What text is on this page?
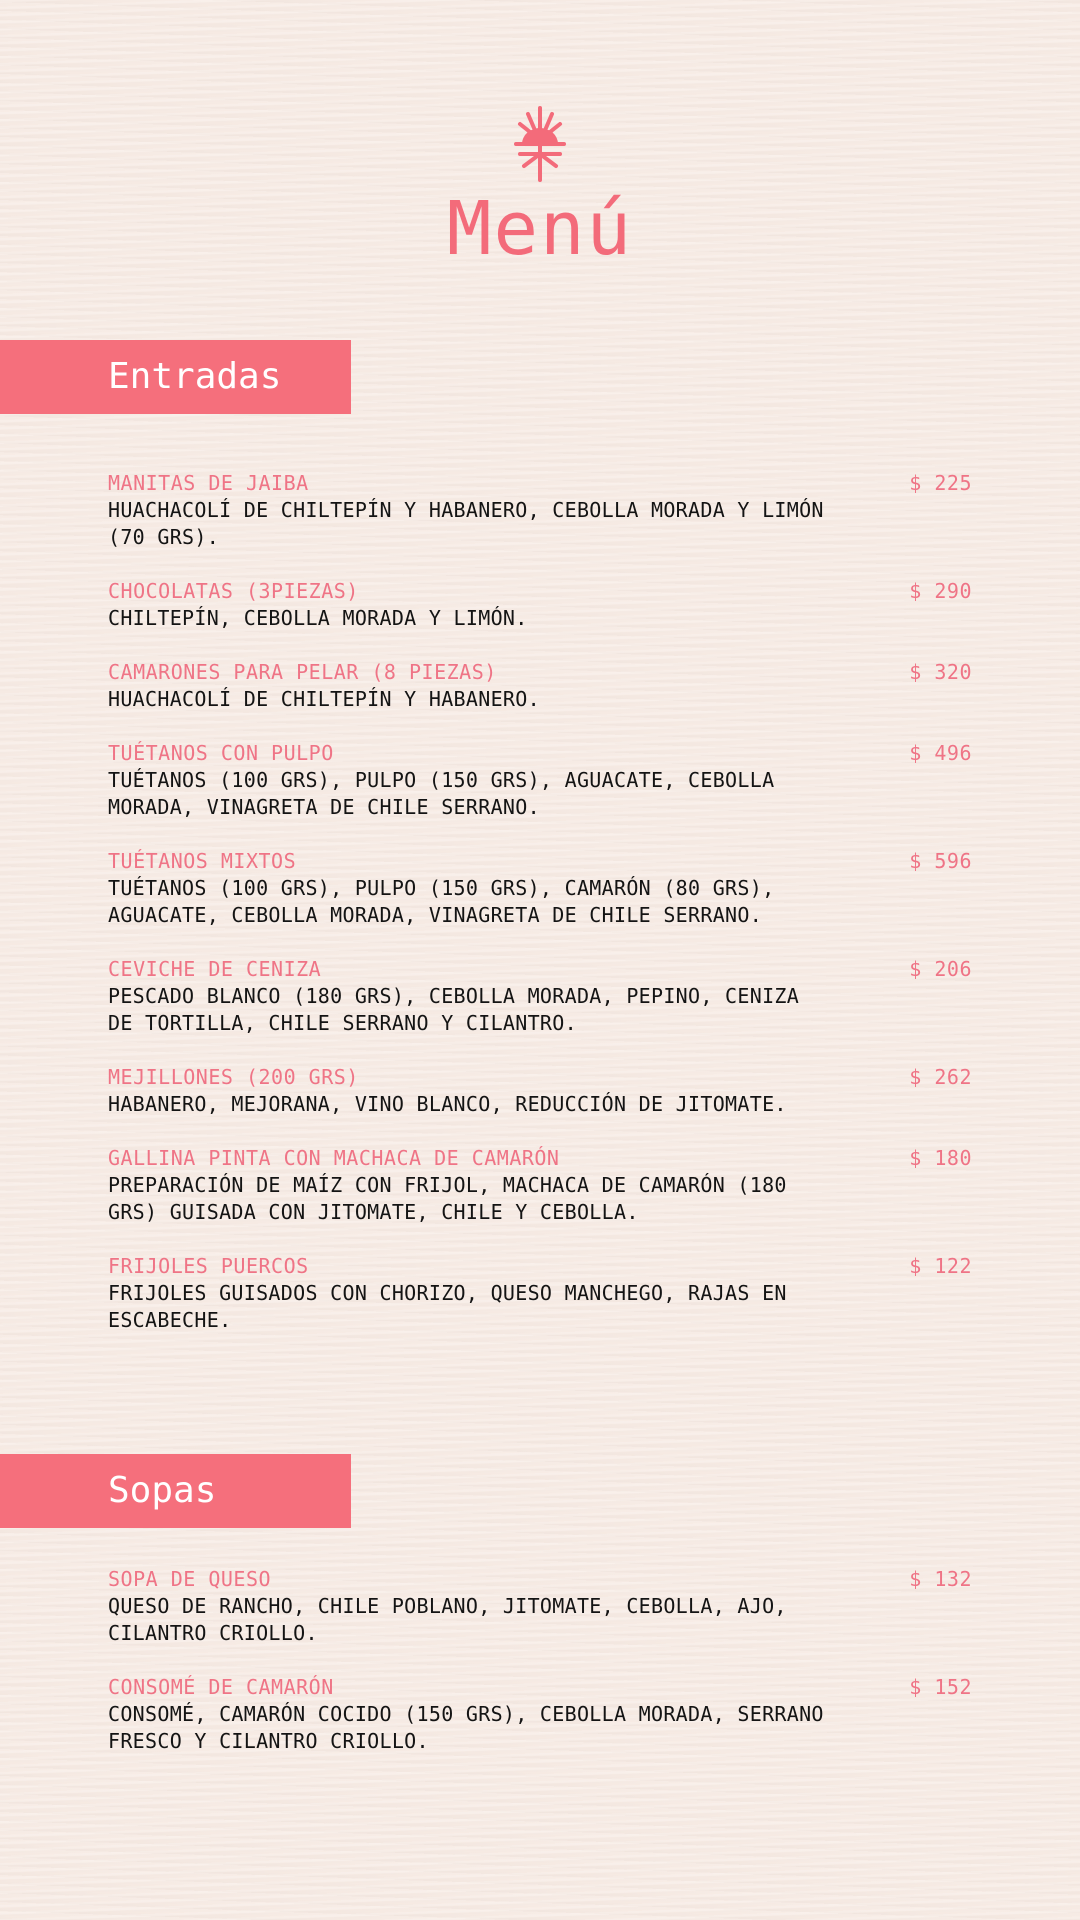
Menú
Entradas
MANITAS DE JAIBA	$ 225
HUACHACOLÍ DE CHILTEPÍN Y HABANERO, CEBOLLA MORADA Y LIMÓN (70 GRS).
CHOCOLATAS (3PIEZAS)	$ 290
CHILTEPÍN, CEBOLLA MORADA Y LIMÓN.
CAMARONES PARA PELAR (8 PIEZAS)	$ 320
HUACHACOLÍ DE CHILTEPÍN Y HABANERO.
TUÉTANOS CON PULPO	$ 496
TUÉTANOS (100 GRS), PULPO (150 GRS), AGUACATE, CEBOLLA MORADA, VINAGRETA DE CHILE SERRANO.
TUÉTANOS MIXTOS	$ 596
TUÉTANOS (100 GRS), PULPO (150 GRS), CAMARÓN (80 GRS), AGUACATE, CEBOLLA MORADA, VINAGRETA DE CHILE SERRANO.
CEVICHE DE CENIZA	$ 206
PESCADO BLANCO (180 GRS), CEBOLLA MORADA, PEPINO, CENIZA DE TORTILLA, CHILE SERRANO Y CILANTRO.
MEJILLONES (200 GRS)	$ 262
HABANERO, MEJORANA, VINO BLANCO, REDUCCIÓN DE JITOMATE.
GALLINA PINTA CON MACHACA DE CAMARÓN	$ 180
PREPARACIÓN DE MAÍZ CON FRIJOL, MACHACA DE CAMARÓN (180 GRS) GUISADA CON JITOMATE, CHILE Y CEBOLLA.
FRIJOLES PUERCOS	$ 122
FRIJOLES GUISADOS CON CHORIZO, QUESO MANCHEGO, RAJAS EN ESCABECHE.
Sopas
SOPA DE QUESO	$ 132
QUESO DE RANCHO, CHILE POBLANO, JITOMATE, CEBOLLA, AJO, CILANTRO CRIOLLO.
CONSOMÉ DE CAMARÓN	$ 152
CONSOMÉ, CAMARÓN COCIDO (150 GRS), CEBOLLA MORADA, SERRANO FRESCO Y CILANTRO CRIOLLO.
